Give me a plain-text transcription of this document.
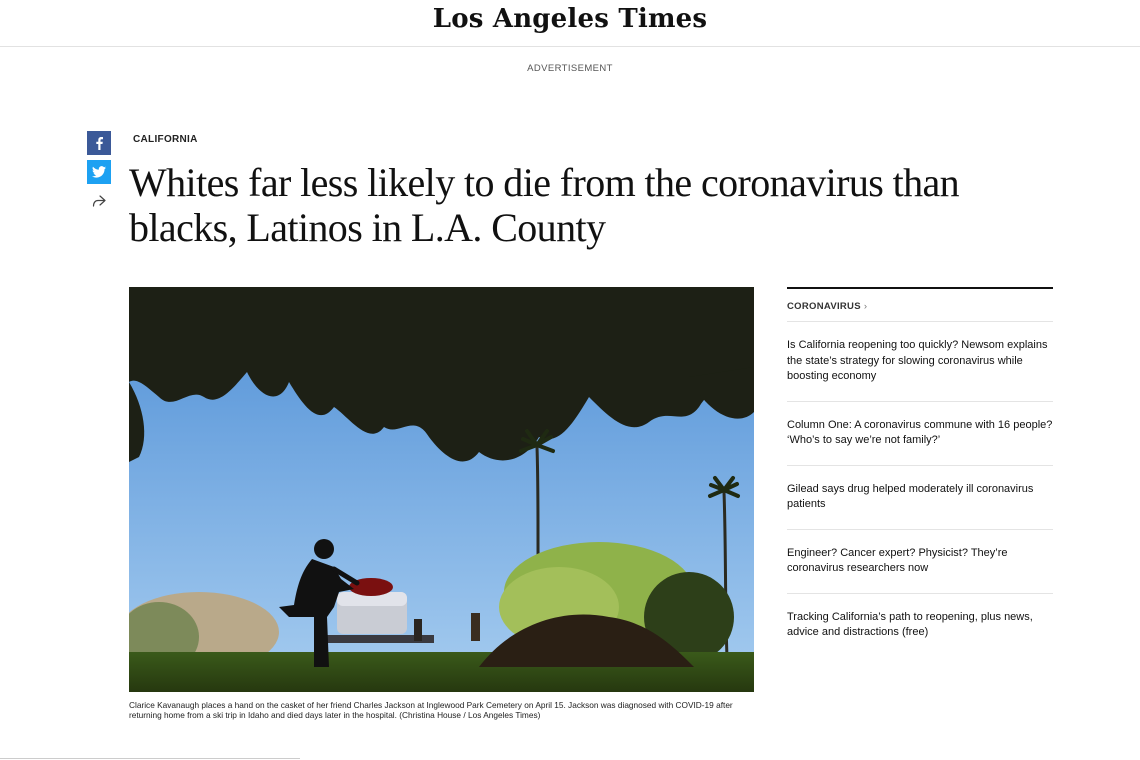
Los Angeles Times
ADVERTISEMENT
CALIFORNIA
Whites far less likely to die from the coronavirus than blacks, Latinos in L.A. County

Clarice Kavanaugh places a hand on the casket of her friend Charles Jackson at Inglewood Park Cemetery on April 15. Jackson was diagnosed with COVID-19 after returning home from a ski trip in Idaho and died days later in the hospital. (Christina House / Los Angeles Times)

CORONAVIRUS ›
Is California reopening too quickly? Newsom explains the state’s strategy for slowing coronavirus while boosting economy
Column One: A coronavirus commune with 16 people? ‘Who’s to say we’re not family?’
Gilead says drug helped moderately ill coronavirus patients
Engineer? Cancer expert? Physicist? They’re coronavirus researchers now
Tracking California’s path to reopening, plus news, advice and distractions (free)
